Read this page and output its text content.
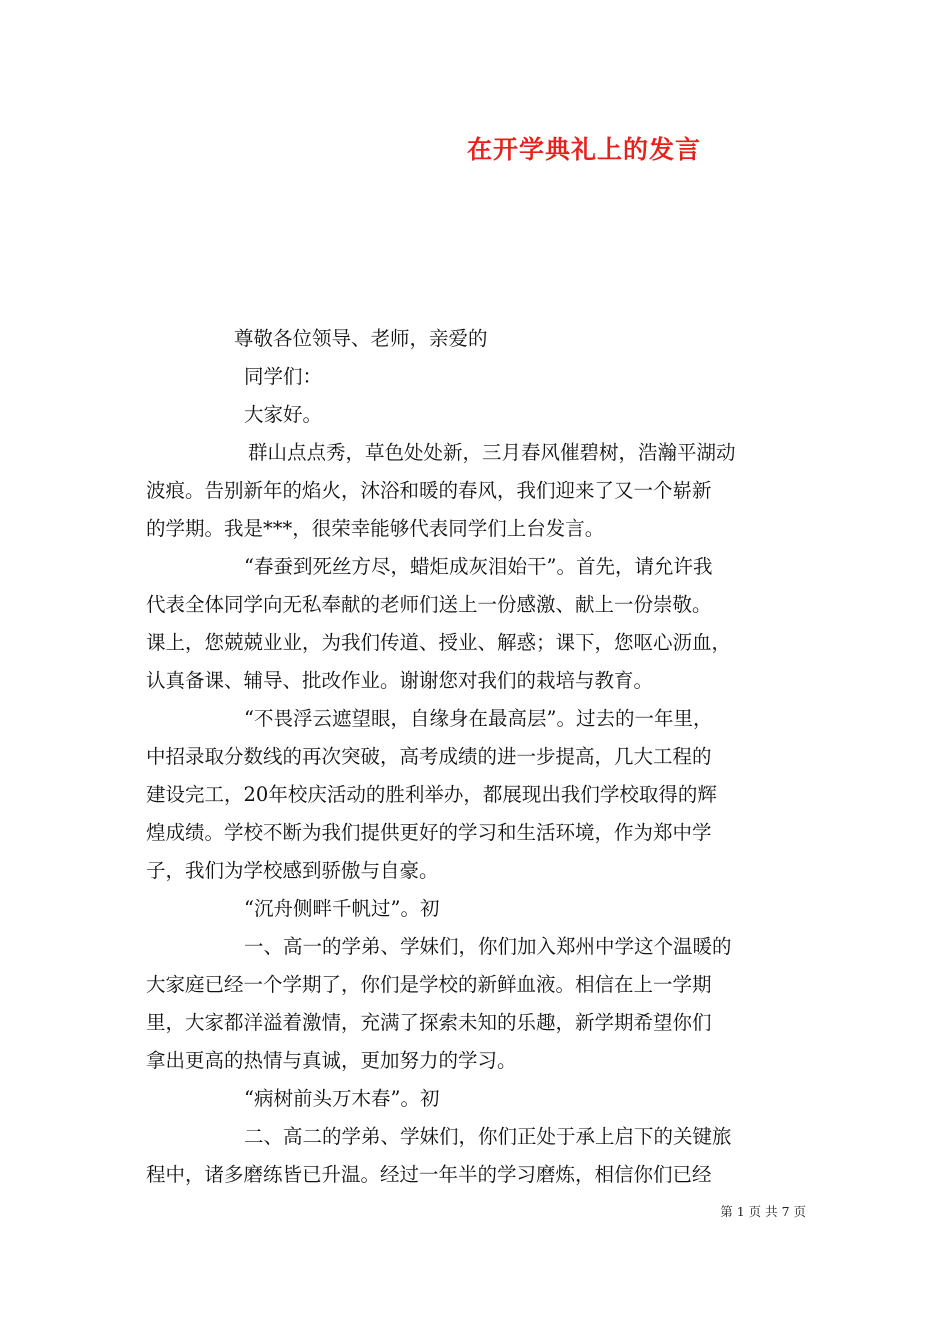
在开学典礼上的发言
尊敬各位领导、老师，亲爱的
同学们：
大家好。
群山点点秀，草色处处新，三月春风催碧树，浩瀚平湖动
波痕。告别新年的焰火，沐浴和暖的春风，我们迎来了又一个崭新
的学期。我是***，很荣幸能够代表同学们上台发言。
“春蚕到死丝方尽，蜡炬成灰泪始干”。首先，请允许我
代表全体同学向无私奉献的老师们送上一份感激、献上一份崇敬。
课上，您兢兢业业，为我们传道、授业、解惑；课下，您呕心沥血，
认真备课、辅导、批改作业。谢谢您对我们的栽培与教育。
“不畏浮云遮望眼，自缘身在最高层”。过去的一年里，
中招录取分数线的再次突破，高考成绩的进一步提高，几大工程的
建设完工，20年校庆活动的胜利举办，都展现出我们学校取得的辉
煌成绩。学校不断为我们提供更好的学习和生活环境，作为郑中学
子，我们为学校感到骄傲与自豪。
“沉舟侧畔千帆过”。初
一、高一的学弟、学妹们，你们加入郑州中学这个温暖的
大家庭已经一个学期了，你们是学校的新鲜血液。相信在上一学期
里，大家都洋溢着激情，充满了探索未知的乐趣，新学期希望你们
拿出更高的热情与真诚，更加努力的学习。
“病树前头万木春”。初
二、高二的学弟、学妹们，你们正处于承上启下的关键旅
程中，诸多磨练皆已升温。经过一年半的学习磨炼，相信你们已经
第 1 页 共 7 页
